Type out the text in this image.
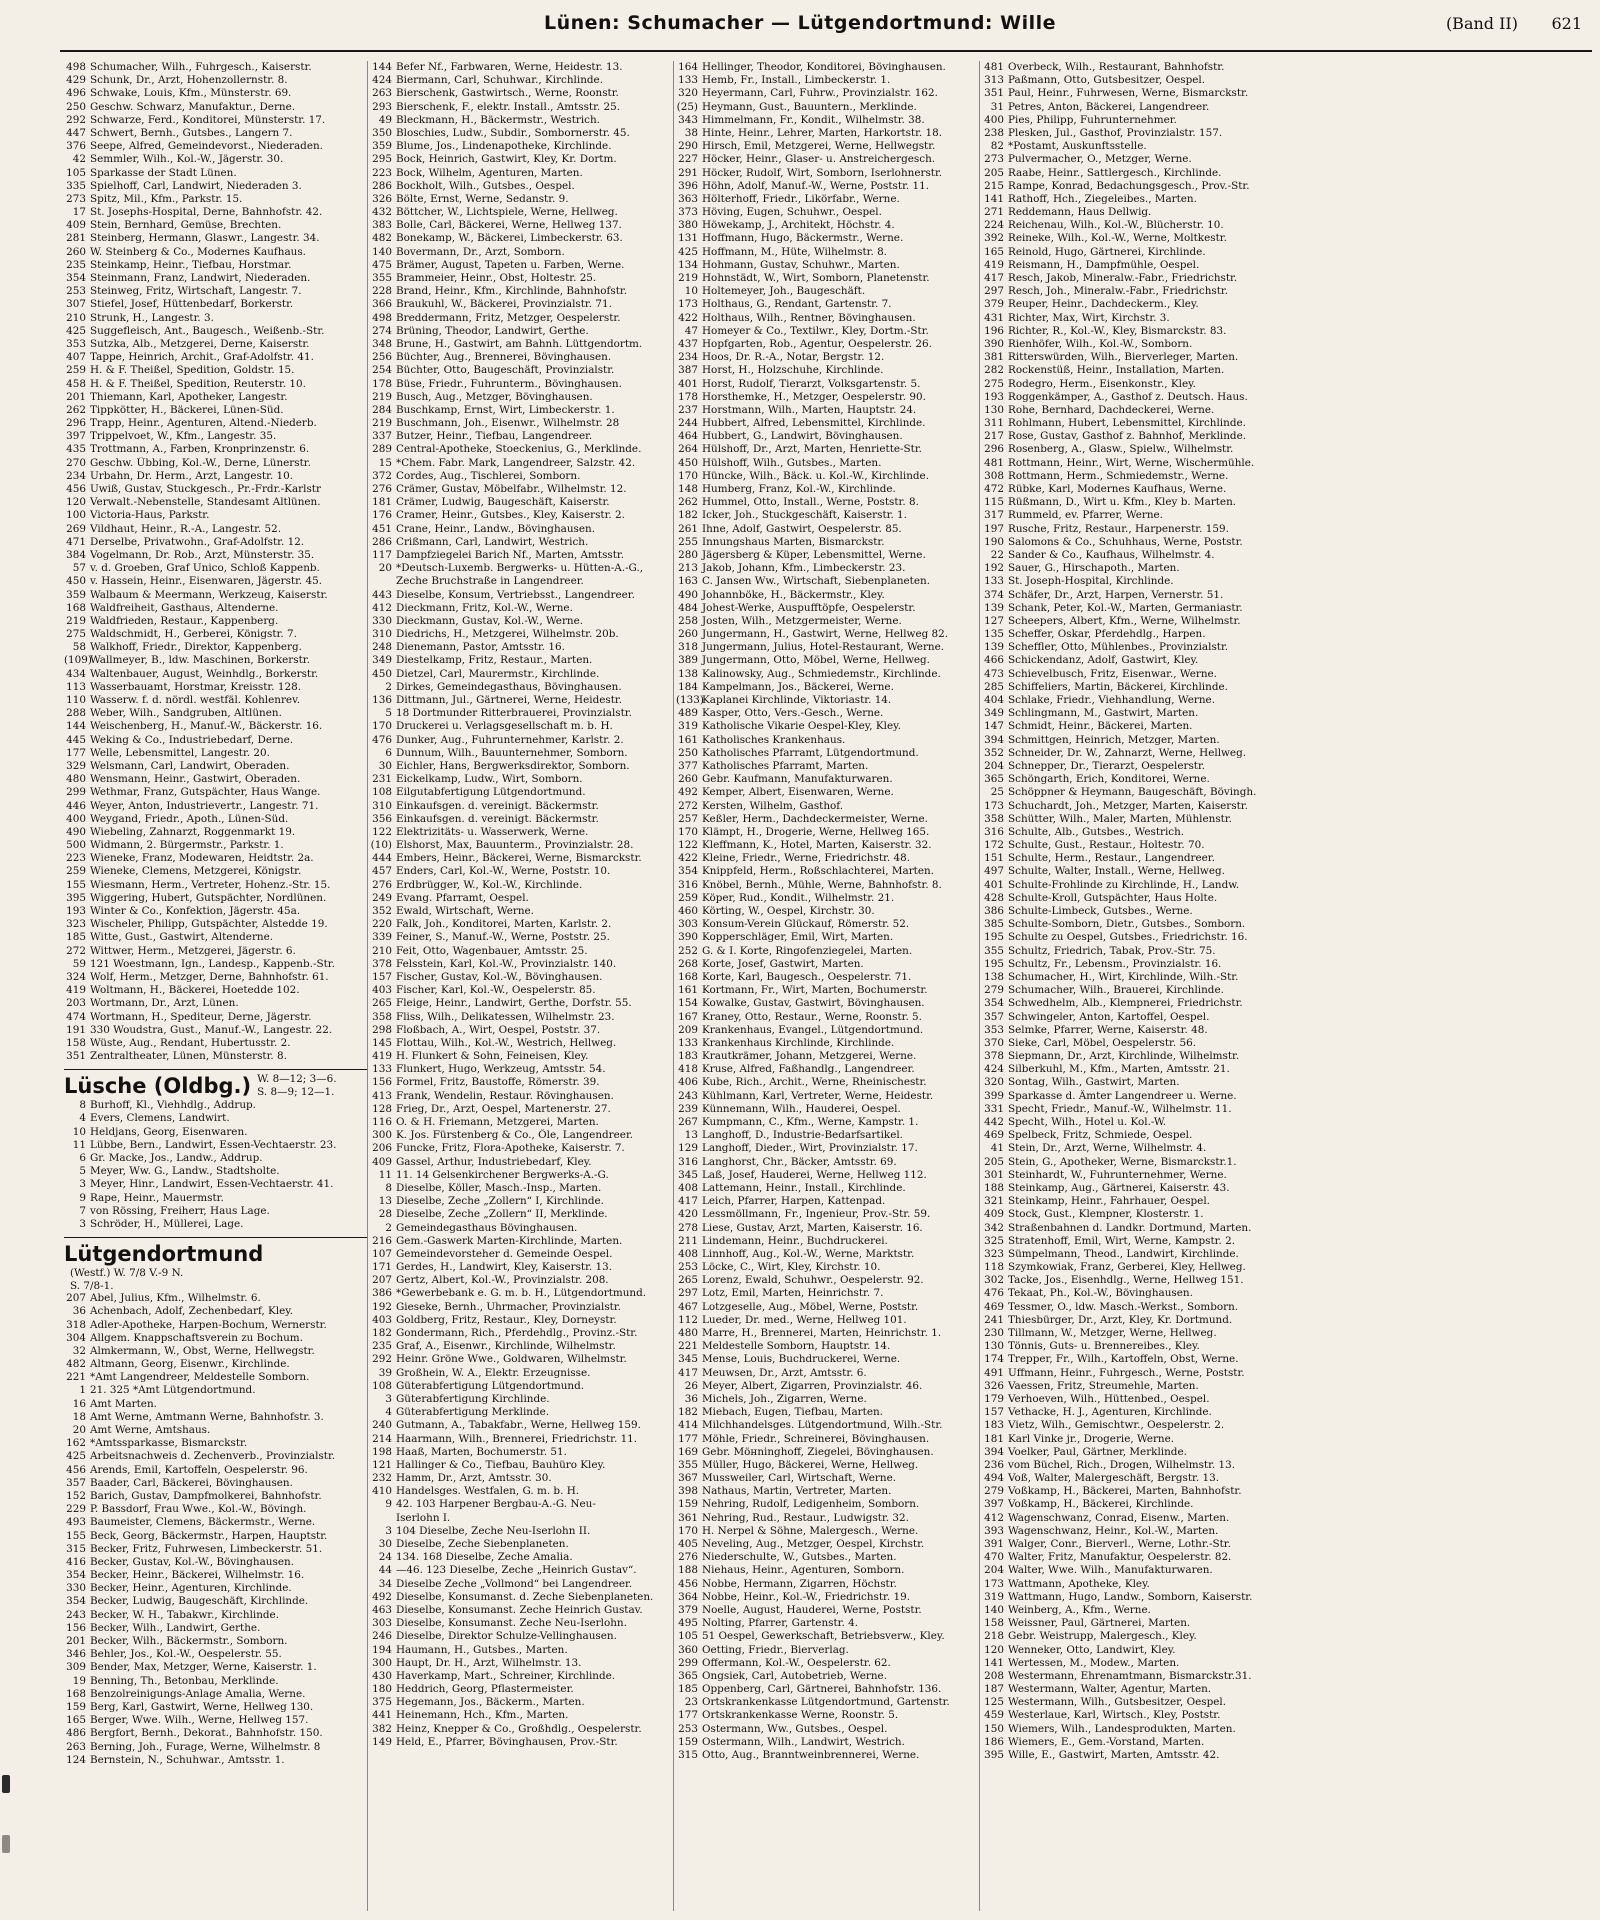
Lünen: Schumacher — Lütgendortmund: Wille	(Band II) 621
498 Schumacher, Wilh., Fuhrgesch., Kaiserstr.
429 Schunk, Dr., Arzt, Hohenzollernstr. 8.
496 Schwake, Louis, Kfm., Münsterstr. 69.
250 Geschw. Schwarz, Manufaktur., Derne.
292 Schwarze, Ferd., Konditorei, Münsterstr. 17.
447 Schwert, Bernh., Gutsbes., Langern 7.
376 Seepe, Alfred, Gemeindevorst., Niederaden.
42 Semmler, Wilh., Kol.-W., Jägerstr. 30.
105 Sparkasse der Stadt Lünen.
335 Spielhoff, Carl, Landwirt, Niederaden 3.
273 Spitz, Mil., Kfm., Parkstr. 15.
17 St. Josephs-Hospital, Derne, Bahnhofstr. 42.
409 Stein, Bernhard, Gemüse, Brechten.
281 Steinberg, Hermann, Glaswr., Langestr. 34.
260 W. Steinberg & Co., Modernes Kaufhaus.
235 Steinkamp, Heinr., Tiefbau, Horstmar.
354 Steinmann, Franz, Landwirt, Niederaden.
253 Steinweg, Fritz, Wirtschaft, Langestr. 7.
307 Stiefel, Josef, Hüttenbedarf, Borkerstr.
210 Strunk, H., Langestr. 3.
425 Suggefleisch, Ant., Baugesch., Weißenb.-Str.
353 Sutzka, Alb., Metzgerei, Derne, Kaiserstr.
407 Tappe, Heinrich, Archit., Graf-Adolfstr. 41.
259 H. & F. Theißel, Spedition, Goldstr. 15.
458 H. & F. Theißel, Spedition, Reuterstr. 10.
201 Thiemann, Karl, Apotheker, Langestr.
262 Tippkötter, H., Bäckerei, Lünen-Süd.
296 Trapp, Heinr., Agenturen, Altend.-Niederb.
397 Trippelvoet, W., Kfm., Langestr. 35.
435 Trottmann, A., Farben, Kronprinzenstr. 6.
270 Geschw. Übbing, Kol.-W., Derne, Lünerstr.
234 Urbahn, Dr. Herm., Arzt, Langestr. 10.
456 Uwiß, Gustav, Stuckgesch., Pr.-Frdr.-Karlstr
120 Verwalt.-Nebenstelle, Standesamt Altlünen.
100 Victoria-Haus, Parkstr.
269 Vildhaut, Heinr., R.-A., Langestr. 52.
471 Derselbe, Privatwohn., Graf-Adolfstr. 12.
384 Vogelmann, Dr. Rob., Arzt, Münsterstr. 35.
57 v. d. Groeben, Graf Unico, Schloß Kappenb.
450 v. Hassein, Heinr., Eisenwaren, Jägerstr. 45.
359 Walbaum & Meermann, Werkzeug, Kaiserstr.
168 Waldfreiheit, Gasthaus, Altenderne.
219 Waldfrieden, Restaur., Kappenberg.
275 Waldschmidt, H., Gerberei, Königstr. 7.
58 Walkhoff, Friedr., Direktor, Kappenberg.
(109)Wallmeyer, B., ldw. Maschinen, Borkerstr.
434 Waltenbauer, August, Weinhdlg., Borkerstr.
113 Wasserbauamt, Horstmar, Kreisstr. 128.
110 Wasserw. f. d. nördl. westfäl. Kohlenrev.
288 Weber, Wilh., Sandgruben, Altlünen.
144 Weischenberg, H., Manuf.-W., Bäckerstr. 16.
445 Weking & Co., Industriebedarf, Derne.
177 Welle, Lebensmittel, Langestr. 20.
329 Welsmann, Carl, Landwirt, Oberaden.
480 Wensmann, Heinr., Gastwirt, Oberaden.
299 Wethmar, Franz, Gutspächter, Haus Wange.
446 Weyer, Anton, Industrievertr., Langestr. 71.
400 Weygand, Friedr., Apoth., Lünen-Süd.
490 Wiebeling, Zahnarzt, Roggenmarkt 19.
500 Widmann, 2. Bürgermstr., Parkstr. 1.
223 Wieneke, Franz, Modewaren, Heidtstr. 2a.
259 Wieneke, Clemens, Metzgerei, Königstr.
155 Wiesmann, Herm., Vertreter, Hohenz.-Str. 15.
395 Wiggering, Hubert, Gutspächter, Nordlünen.
193 Winter & Co., Konfektion, Jägerstr. 45a.
323 Wischeler, Philipp, Gutspächter, Alstedde 19.
185 Witte, Gust., Gastwirt, Altenderne.
272 Wittwer, Herm., Metzgerei, Jägerstr. 6.
59 121 Woestmann, Ign., Landesp., Kappenb.-Str.
324 Wolf, Herm., Metzger, Derne, Bahnhofstr. 61.
419 Woltmann, H., Bäckerei, Hoetedde 102.
203 Wortmann, Dr., Arzt, Lünen.
474 Wortmann, H., Spediteur, Derne, Jägerstr.
191 330 Woudstra, Gust., Manuf.-W., Langestr. 22.
158 Wüste, Aug., Rendant, Hubertusstr. 2.
351 Zentraltheater, Lünen, Münsterstr. 8.
Lüsche (Oldbg.) W. 8—12; 3—6.
S. 8—9; 12—1.
8 Burhoff, Kl., Viehhdlg., Addrup.
4 Evers, Clemens, Landwirt.
10 Heldjans, Georg, Eisenwaren.
11 Lübbe, Bern., Landwirt, Essen-Vechtaerstr. 23.
6 Gr. Macke, Jos., Landw., Addrup.
5 Meyer, Ww. G., Landw., Stadtsholte.
3 Meyer, Hinr., Landwirt, Essen-Vechtaerstr. 41.
9 Rape, Heinr., Mauermstr.
7 von Rössing, Freiherr, Haus Lage.
3 Schröder, H., Müllerei, Lage.
Lütgendortmund
(Westf.) W. 7/8 V.-9 N.
S. 7/8-1.
207 Abel, Julius, Kfm., Wilhelmstr. 6.
36 Achenbach, Adolf, Zechenbedarf, Kley.
318 Adler-Apotheke, Harpen-Bochum, Wernerstr.
304 Allgem. Knappschaftsverein zu Bochum.
32 Almkermann, W., Obst, Werne, Hellwegstr.
482 Altmann, Georg, Eisenwr., Kirchlinde.
221 *Amt Langendreer, Meldestelle Somborn.
1 21. 325 *Amt Lütgendortmund.
16 Amt Marten.
18 Amt Werne, Amtmann Werne, Bahnhofstr. 3.
20 Amt Werne, Amtshaus.
162 *Amtssparkasse, Bismarckstr.
425 Arbeitsnachweis d. Zechenverb., Provinzialstr.
456 Arends, Emil, Kartoffeln, Oespelerstr. 96.
357 Baader, Carl, Bäckerei, Bövinghausen.
152 Barich, Gustav, Dampfmolkerei, Bahnhofstr.
229 P. Bassdorf, Frau Wwe., Kol.-W., Bövingh.
493 Baumeister, Clemens, Bäckermstr., Werne.
155 Beck, Georg, Bäckermstr., Harpen, Hauptstr.
315 Becker, Fritz, Fuhrwesen, Limbeckerstr. 51.
416 Becker, Gustav, Kol.-W., Bövinghausen.
354 Becker, Heinr., Bäckerei, Wilhelmstr. 16.
330 Becker, Heinr., Agenturen, Kirchlinde.
354 Becker, Ludwig, Baugeschäft, Kirchlinde.
243 Becker, W. H., Tabakwr., Kirchlinde.
156 Becker, Wilh., Landwirt, Gerthe.
201 Becker, Wilh., Bäckermstr., Somborn.
346 Behler, Jos., Kol.-W., Oespelerstr. 55.
309 Bender, Max, Metzger, Werne, Kaiserstr. 1.
19 Benning, Th., Betonbau, Merklinde.
168 Benzolreinigungs-Anlage Amalia, Werne.
159 Berg, Karl, Gastwirt, Werne, Hellweg 130.
165 Berger, Wwe. Wilh., Werne, Hellweg 157.
486 Bergfort, Bernh., Dekorat., Bahnhofstr. 150.
263 Berning, Joh., Furage, Werne, Wilhelmstr. 8
124 Bernstein, N., Schuhwar., Amtsstr. 1.
144 Befer Nf., Farbwaren, Werne, Heidestr. 13.
424 Biermann, Carl, Schuhwar., Kirchlinde.
263 Bierschenk, Gastwirtsch., Werne, Roonstr.
293 Bierschenk, F., elektr. Install., Amtsstr. 25.
49 Bleckmann, H., Bäckermstr., Westrich.
350 Bloschies, Ludw., Subdir., Sombornerstr. 45.
359 Blume, Jos., Lindenapotheke, Kirchlinde.
295 Bock, Heinrich, Gastwirt, Kley, Kr. Dortm.
223 Bock, Wilhelm, Agenturen, Marten.
286 Bockholt, Wilh., Gutsbes., Oespel.
326 Bölte, Ernst, Werne, Sedanstr. 9.
432 Böttcher, W., Lichtspiele, Werne, Hellweg.
383 Bolle, Carl, Bäckerei, Werne, Hellweg 137.
482 Bonekamp, W., Bäckerei, Limbeckerstr. 63.
140 Bovermann, Dr., Arzt, Somborn.
475 Brämer, August, Tapeten u. Farben, Werne.
355 Brammeier, Heinr., Obst, Holtestr. 25.
228 Brand, Heinr., Kfm., Kirchlinde, Bahnhofstr.
366 Braukuhl, W., Bäckerei, Provinzialstr. 71.
498 Breddermann, Fritz, Metzger, Oespelerstr.
274 Brüning, Theodor, Landwirt, Gerthe.
348 Brune, H., Gastwirt, am Bahnh. Lüttgendortm.
256 Büchter, Aug., Brennerei, Bövinghausen.
254 Büchter, Otto, Baugeschäft, Provinzialstr.
178 Büse, Friedr., Fuhrunterm., Bövinghausen.
219 Busch, Aug., Metzger, Bövinghausen.
284 Buschkamp, Ernst, Wirt, Limbeckerstr. 1.
219 Buschmann, Joh., Eisenwr., Wilhelmstr. 28
337 Butzer, Heinr., Tiefbau, Langendreer.
289 Central-Apotheke, Stoeckenius, G., Merklinde.
15 *Chem. Fabr. Mark, Langendreer, Salzstr. 42.
372 Cordes, Aug., Tischlerei, Somborn.
276 Crämer, Gustav, Möbelfabr., Wilhelmstr. 12.
181 Crämer, Ludwig, Baugeschäft, Kaiserstr.
176 Cramer, Heinr., Gutsbes., Kley, Kaiserstr. 2.
451 Crane, Heinr., Landw., Bövinghausen.
286 Crißmann, Carl, Landwirt, Westrich.
117 Dampfziegelei Barich Nf., Marten, Amtsstr.
20 *Deutsch-Luxemb. Bergwerks- u. Hütten-A.-G.,
Zeche Bruchstraße in Langendreer.
443 Dieselbe, Konsum, Vertriebsst., Langendreer.
412 Dieckmann, Fritz, Kol.-W., Werne.
330 Dieckmann, Gustav, Kol.-W., Werne.
310 Diedrichs, H., Metzgerei, Wilhelmstr. 20b.
248 Dienemann, Pastor, Amtsstr. 16.
349 Diestelkamp, Fritz, Restaur., Marten.
450 Dietzel, Carl, Maurermstr., Kirchlinde.
2 Dirkes, Gemeindegasthaus, Bövinghausen.
136 Dittmann, Jul., Gärtnerei, Werne, Heidestr.
5 18 Dortmunder Ritterbrauerei, Provinzialstr.
170 Druckerei u. Verlagsgesellschaft m. b. H.
476 Dunker, Aug., Fuhrunternehmer, Karlstr. 2.
6 Dunnum, Wilh., Bauunternehmer, Somborn.
30 Eichler, Hans, Bergwerksdirektor, Somborn.
231 Eickelkamp, Ludw., Wirt, Somborn.
108 Eilgutabfertigung Lütgendortmund.
310 Einkaufsgen. d. vereinigt. Bäckermstr.
356 Einkaufsgen. d. vereinigt. Bäckermstr.
122 Elektrizitäts- u. Wasserwerk, Werne.
(10) Elshorst, Max, Bauunterm., Provinzialstr. 28.
444 Embers, Heinr., Bäckerei, Werne, Bismarckstr.
457 Enders, Carl, Kol.-W., Werne, Poststr. 10.
276 Erdbrügger, W., Kol.-W., Kirchlinde.
249 Evang. Pfarramt, Oespel.
352 Ewald, Wirtschaft, Werne.
220 Falk, Joh., Konditorei, Marten, Karlstr. 2.
339 Feiner, S., Manuf.-W., Werne, Poststr. 25.
210 Feit, Otto, Wagenbauer, Amtsstr. 25.
378 Felsstein, Karl, Kol.-W., Provinzialstr. 140.
157 Fischer, Gustav, Kol.-W., Bövinghausen.
403 Fischer, Karl, Kol.-W., Oespelerstr. 85.
265 Fleige, Heinr., Landwirt, Gerthe, Dorfstr. 55.
358 Fliss, Wilh., Delikatessen, Wilhelmstr. 23.
298 Floßbach, A., Wirt, Oespel, Poststr. 37.
145 Flottau, Wilh., Kol.-W., Westrich, Hellweg.
419 H. Flunkert & Sohn, Feineisen, Kley.
133 Flunkert, Hugo, Werkzeug, Amtsstr. 54.
156 Formel, Fritz, Baustoffe, Römerstr. 39.
413 Frank, Wendelin, Restaur. Rövinghausen.
128 Frieg, Dr., Arzt, Oespel, Martenerstr. 27.
116 O. & H. Friemann, Metzgerei, Marten.
300 K. Jos. Fürstenberg & Co., Öle, Langendreer.
206 Funcke, Fritz, Flora-Apotheke, Kaiserstr. 7.
409 Gassel, Arthur, Industriebedarf, Kley.
11 11. 14 Gelsenkirchener Bergwerks-A.-G.
8 Dieselbe, Köller, Masch.-Insp., Marten.
13 Dieselbe, Zeche „Zollern“ I, Kirchlinde.
28 Dieselbe, Zeche „Zollern“ II, Merklinde.
2 Gemeindegasthaus Bövinghausen.
216 Gem.-Gaswerk Marten-Kirchlinde, Marten.
107 Gemeindevorsteher d. Gemeinde Oespel.
171 Gerdes, H., Landwirt, Kley, Kaiserstr. 13.
207 Gertz, Albert, Kol.-W., Provinzialstr. 208.
386 *Gewerbebank e. G. m. b. H., Lütgendortmund.
192 Gieseke, Bernh., Uhrmacher, Provinzialstr.
403 Goldberg, Fritz, Restaur., Kley, Dorneystr.
182 Gondermann, Rich., Pferdehdlg., Provinz.-Str.
235 Graf, A., Eisenwr., Kirchlinde, Wilhelmstr.
292 Heinr. Gröne Wwe., Goldwaren, Wilhelmstr.
39 Großhein, W. A., Elektr. Erzeugnisse.
108 Güterabfertigung Lütgendortmund.
3 Güterabfertigung Kirchlinde.
4 Güterabfertigung Merklinde.
240 Gutmann, A., Tabakfabr., Werne, Hellweg 159.
214 Haarmann, Wilh., Brennerei, Friedrichstr. 11.
198 Haaß, Marten, Bochumerstr. 51.
121 Hallinger & Co., Tiefbau, Bauhüro Kley.
232 Hamm, Dr., Arzt, Amtsstr. 30.
410 Handelsges. Westfalen, G. m. b. H.
9 42. 103 Harpener Bergbau-A.-G. Neu-
Iserlohn I.
3 104 Dieselbe, Zeche Neu-Iserlohn II.
30 Dieselbe, Zeche Siebenplaneten.
24 134. 168 Dieselbe, Zeche Amalia.
44 —46. 123 Dieselbe, Zeche „Heinrich Gustav“.
34 Dieselbe Zeche „Vollmond“ bei Langendreer.
492 Dieselbe, Konsumanst. d. Zeche Siebenplaneten.
463 Dieselbe, Konsumanst. Zeche Heinrich Gustav.
303 Dieselbe, Konsumanst. Zeche Neu-Iserlohn.
246 Dieselbe, Direktor Schulze-Vellinghausen.
194 Haumann, H., Gutsbes., Marten.
300 Haupt, Dr. H., Arzt, Wilhelmstr. 13.
430 Haverkamp, Mart., Schreiner, Kirchlinde.
180 Heddrich, Georg, Pflastermeister.
375 Hegemann, Jos., Bäckerm., Marten.
441 Heinemann, Hch., Kfm., Marten.
382 Heinz, Knepper & Co., Großhdlg., Oespelerstr.
149 Held, E., Pfarrer, Bövinghausen, Prov.-Str.
164 Hellinger, Theodor, Konditorei, Bövinghausen.
133 Hemb, Fr., Install., Limbeckerstr. 1.
320 Heyermann, Carl, Fuhrw., Provinzialstr. 162.
(25) Heymann, Gust., Bauuntern., Merklinde.
343 Himmelmann, Fr., Kondit., Wilhelmstr. 38.
38 Hinte, Heinr., Lehrer, Marten, Harkortstr. 18.
290 Hirsch, Emil, Metzgerei, Werne, Hellwegstr.
227 Höcker, Heinr., Glaser- u. Anstreichergesch.
291 Höcker, Rudolf, Wirt, Somborn, Iserlohnerstr.
396 Höhn, Adolf, Manuf.-W., Werne, Poststr. 11.
363 Hölterhoff, Friedr., Likörfabr., Werne.
373 Höving, Eugen, Schuhwr., Oespel.
380 Höwekamp, J., Architekt, Höchstr. 4.
131 Hoffmann, Hugo, Bäckermstr., Werne.
425 Hoffmann, M., Hüte, Wilhelmstr. 8.
134 Hohmann, Gustav, Schuhwr., Marten.
219 Hohnstädt, W., Wirt, Somborn, Planetenstr.
10 Holtemeyer, Joh., Baugeschäft.
173 Holthaus, G., Rendant, Gartenstr. 7.
422 Holthaus, Wilh., Rentner, Bövinghausen.
47 Homeyer & Co., Textilwr., Kley, Dortm.-Str.
437 Hopfgarten, Rob., Agentur, Oespelerstr. 26.
234 Hoos, Dr. R.-A., Notar, Bergstr. 12.
387 Horst, H., Holzschuhe, Kirchlinde.
401 Horst, Rudolf, Tierarzt, Volksgartenstr. 5.
178 Horsthemke, H., Metzger, Oespelerstr. 90.
237 Horstmann, Wilh., Marten, Hauptstr. 24.
244 Hubbert, Alfred, Lebensmittel, Kirchlinde.
464 Hubbert, G., Landwirt, Bövinghausen.
264 Hülshoff, Dr., Arzt, Marten, Henriette-Str.
450 Hülshoff, Wilh., Gutsbes., Marten.
170 Hüncke, Wilh., Bäck. u. Kol.-W., Kirchlinde.
148 Humberg, Franz, Kol.-W., Kirchlinde.
262 Hummel, Otto, Install., Werne, Poststr. 8.
182 Icker, Joh., Stuckgeschäft, Kaiserstr. 1.
261 Ihne, Adolf, Gastwirt, Oespelerstr. 85.
255 Innungshaus Marten, Bismarckstr.
280 Jägersberg & Küper, Lebensmittel, Werne.
213 Jakob, Johann, Kfm., Limbeckerstr. 23.
163 C. Jansen Ww., Wirtschaft, Siebenplaneten.
490 Johannböke, H., Bäckermstr., Kley.
484 Johest-Werke, Auspufftöpfe, Oespelerstr.
258 Josten, Wilh., Metzgermeister, Werne.
260 Jungermann, H., Gastwirt, Werne, Hellweg 82.
318 Jungermann, Julius, Hotel-Restaurant, Werne.
389 Jungermann, Otto, Möbel, Werne, Hellweg.
138 Kalinowsky, Aug., Schmiedemstr., Kirchlinde.
184 Kampelmann, Jos., Bäckerei, Werne.
(133)Kaplanei Kirchlinde, Viktoriastr. 14.
489 Kasper, Otto, Vers.-Gesch., Werne.
319 Katholische Vikarie Oespel-Kley, Kley.
161 Katholisches Krankenhaus.
250 Katholisches Pfarramt, Lütgendortmund.
377 Katholisches Pfarramt, Marten.
260 Gebr. Kaufmann, Manufakturwaren.
492 Kemper, Albert, Eisenwaren, Werne.
272 Kersten, Wilhelm, Gasthof.
257 Keßler, Herm., Dachdeckermeister, Werne.
170 Klämpt, H., Drogerie, Werne, Hellweg 165.
122 Kleffmann, K., Hotel, Marten, Kaiserstr. 32.
422 Kleine, Friedr., Werne, Friedrichstr. 48.
354 Knippfeld, Herm., Roßschlachterei, Marten.
316 Knöbel, Bernh., Mühle, Werne, Bahnhofstr. 8.
259 Köper, Rud., Kondit., Wilhelmstr. 21.
460 Körting, W., Oespel, Kirchstr. 30.
303 Konsum-Verein Glückauf, Römerstr. 52.
390 Kopperschläger, Emil, Wirt, Marten.
252 G. & I. Korte, Ringofenziegelei, Marten.
268 Korte, Josef, Gastwirt, Marten.
168 Korte, Karl, Baugesch., Oespelerstr. 71.
161 Kortmann, Fr., Wirt, Marten, Bochumerstr.
154 Kowalke, Gustav, Gastwirt, Bövinghausen.
167 Kraney, Otto, Restaur., Werne, Roonstr. 5.
209 Krankenhaus, Evangel., Lütgendortmund.
133 Krankenhaus Kirchlinde, Kirchlinde.
183 Krautkrämer, Johann, Metzgerei, Werne.
418 Kruse, Alfred, Faßhandlg., Langendreer.
406 Kube, Rich., Archit., Werne, Rheinischestr.
243 Kühlmann, Karl, Vertreter, Werne, Heidestr.
239 Künnemann, Wilh., Hauderei, Oespel.
267 Kumpmann, C., Kfm., Werne, Kampstr. 1.
13 Langhoff, D., Industrie-Bedarfsartikel.
129 Langhoff, Dieder., Wirt, Provinzialstr. 17.
316 Langhorst, Chr., Bäcker, Amtsstr. 69.
345 Laß, Josef, Hauderei, Werne, Hellweg 112.
408 Lattemann, Heinr., Install., Kirchlinde.
417 Leich, Pfarrer, Harpen, Kattenpad.
420 Lessmöllmann, Fr., Ingenieur, Prov.-Str. 59.
278 Liese, Gustav, Arzt, Marten, Kaiserstr. 16.
211 Lindemann, Heinr., Buchdruckerei.
408 Linnhoff, Aug., Kol.-W., Werne, Marktstr.
253 Löcke, C., Wirt, Kley, Kirchstr. 10.
265 Lorenz, Ewald, Schuhwr., Oespelerstr. 92.
297 Lotz, Emil, Marten, Heinrichstr. 7.
467 Lotzgeselle, Aug., Möbel, Werne, Poststr.
112 Lueder, Dr. med., Werne, Hellweg 101.
480 Marre, H., Brennerei, Marten, Heinrichstr. 1.
221 Meldestelle Somborn, Hauptstr. 14.
345 Mense, Louis, Buchdruckerei, Werne.
417 Meuwsen, Dr., Arzt, Amtsstr. 6.
26 Meyer, Albert, Zigarren, Provinzialstr. 46.
36 Michels, Joh., Zigarren, Werne.
182 Miebach, Eugen, Tiefbau, Marten.
414 Milchhandelsges. Lütgendortmund, Wilh.-Str.
177 Möhle, Friedr., Schreinerei, Bövinghausen.
169 Gebr. Möнninghoff, Ziegelei, Bövinghausen.
355 Müller, Hugo, Bäckerei, Werne, Hellweg.
367 Mussweiler, Carl, Wirtschaft, Werne.
398 Nathaus, Martin, Vertreter, Marten.
159 Nehring, Rudolf, Ledigenheim, Somborn.
361 Nehring, Rud., Restaur., Ludwigstr. 32.
170 H. Nerpel & Söhne, Malergesch., Werne.
405 Neveling, Aug., Metzger, Oespel, Kirchstr.
276 Niederschulte, W., Gutsbes., Marten.
188 Niehaus, Heinr., Agenturen, Somborn.
456 Nobbe, Hermann, Zigarren, Höchstr.
364 Nobbe, Heinr., Kol.-W., Friedrichstr. 19.
379 Noelle, August, Hauderei, Werne, Poststr.
495 Nolting, Pfarrer, Gartenstr. 4.
105 51 Oespel, Gewerkschaft, Betriebsverw., Kley.
360 Oetting, Friedr., Bierverlag.
299 Offermann, Kol.-W., Oespelerstr. 62.
365 Ongsiek, Carl, Autobetrieb, Werne.
185 Oppenberg, Carl, Gärtnerei, Bahnhofstr. 136.
23 Ortskrankenkasse Lütgendortmund, Gartenstr.
177 Ortskrankenkasse Werne, Roonstr. 5.
253 Ostermann, Ww., Gutsbes., Oespel.
159 Ostermann, Wilh., Landwirt, Westrich.
315 Otto, Aug., Branntweinbrennerei, Werne.
481 Overbeck, Wilh., Restaurant, Bahnhofstr.
313 Paßmann, Otto, Gutsbesitzer, Oespel.
351 Paul, Heinr., Fuhrwesen, Werne, Bismarckstr.
31 Petres, Anton, Bäckerei, Langendreer.
400 Pies, Philipp, Fuhrunternehmer.
238 Plesken, Jul., Gasthof, Provinzialstr. 157.
82 *Postamt, Auskunftsstelle.
273 Pulvermacher, O., Metzger, Werne.
205 Raabe, Heinr., Sattlergesch., Kirchlinde.
215 Rampe, Konrad, Bedachungsgesch., Prov.-Str.
141 Rathoff, Hch., Ziegeleibes., Marten.
271 Reddemann, Haus Dellwig.
224 Reichenau, Wilh., Kol.-W., Blücherstr. 10.
392 Reineke, Wilh., Kol.-W., Werne, Moltkestr.
165 Reinold, Hugo, Gärtnerei, Kirchlinde.
419 Reismann, H., Dampfmühle, Oespel.
417 Resch, Jakob, Mineralw.-Fabr., Friedrichstr.
297 Resch, Joh., Mineralw.-Fabr., Friedrichstr.
379 Reuper, Heinr., Dachdeckerm., Kley.
431 Richter, Max, Wirt, Kirchstr. 3.
196 Richter, R., Kol.-W., Kley, Bismarckstr. 83.
390 Rienhöfer, Wilh., Kol.-W., Somborn.
381 Ritterswürden, Wilh., Bierverleger, Marten.
282 Rockenstüß, Heinr., Installation, Marten.
275 Rodegro, Herm., Eisenkonstr., Kley.
193 Roggenkämper, A., Gasthof z. Deutsch. Haus.
130 Rohe, Bernhard, Dachdeckerei, Werne.
311 Rohlmann, Hubert, Lebensmittel, Kirchlinde.
217 Rose, Gustav, Gasthof z. Bahnhof, Merklinde.
296 Rosenberg, A., Glasw., Spielw., Wilhelmstr.
481 Rottmann, Heinr., Wirt, Werne, Wischermühle.
308 Rottmann, Herm., Schmiedemstr., Werne.
472 Rübke, Karl, Modernes Kaufhaus, Werne.
115 Rüßmann, D., Wirt u. Kfm., Kley b. Marten.
317 Rummeld, ev. Pfarrer, Werne.
197 Rusche, Fritz, Restaur., Harpenerstr. 159.
190 Salomons & Co., Schuhhaus, Werne, Poststr.
22 Sander & Co., Kaufhaus, Wilhelmstr. 4.
192 Sauer, G., Hirschapoth., Marten.
133 St. Joseph-Hospital, Kirchlinde.
374 Schäfer, Dr., Arzt, Harpen, Vernerstr. 51.
139 Schank, Peter, Kol.-W., Marten, Germaniastr.
127 Scheepers, Albert, Kfm., Werne, Wilhelmstr.
135 Scheffer, Oskar, Pferdehdlg., Harpen.
139 Scheffler, Otto, Mühlenbes., Provinzialstr.
466 Schickendanz, Adolf, Gastwirt, Kley.
473 Schievelbusch, Fritz, Eisenwar., Werne.
285 Schiffeliers, Martin, Bäckerei, Kirchlinde.
404 Schlake, Friedr., Viehhandlung, Werne.
349 Schlingmann, M., Gastwirt, Marten.
147 Schmidt, Heinr., Bäckerei, Marten.
394 Schmittgen, Heinrich, Metzger, Marten.
352 Schneider, Dr. W., Zahnarzt, Werne, Hellweg.
204 Schnepper, Dr., Tierarzt, Oespelerstr.
365 Schöngarth, Erich, Konditorei, Werne.
25 Schöppner & Heymann, Baugeschäft, Bövingh.
173 Schuchardt, Joh., Metzger, Marten, Kaiserstr.
358 Schütter, Wilh., Maler, Marten, Mühlenstr.
316 Schulte, Alb., Gutsbes., Westrich.
172 Schulte, Gust., Restaur., Holtestr. 70.
151 Schulte, Herm., Restaur., Langendreer.
497 Schulte, Walter, Install., Werne, Hellweg.
401 Schulte-Frohlinde zu Kirchlinde, H., Landw.
428 Schulte-Kroll, Gutspächter, Haus Holte.
386 Schulte-Limbeck, Gutsbes., Werne.
385 Schulte-Somborn, Dietr., Gutsbes., Somborn.
195 Schulte zu Oespel, Gutsbes., Friedrichstr. 16.
355 Schultz, Friedrich, Tabak, Prov.-Str. 75.
195 Schultz, Fr., Lebensm., Provinzialstr. 16.
138 Schumacher, H., Wirt, Kirchlinde, Wilh.-Str.
279 Schumacher, Wilh., Brauerei, Kirchlinde.
354 Schwedhelm, Alb., Klempnerei, Friedrichstr.
357 Schwingeler, Anton, Kartoffel, Oespel.
353 Selmke, Pfarrer, Werne, Kaiserstr. 48.
370 Sieke, Carl, Möbel, Oespelerstr. 56.
378 Siepmann, Dr., Arzt, Kirchlinde, Wilhelmstr.
424 Silberkuhl, M., Kfm., Marten, Amtsstr. 21.
320 Sontag, Wilh., Gastwirt, Marten.
399 Sparkasse d. Ämter Langendreer u. Werne.
331 Specht, Friedr., Manuf.-W., Wilhelmstr. 11.
442 Specht, Wilh., Hotel u. Kol.-W.
469 Spelbeck, Fritz, Schmiede, Oespel.
41 Stein, Dr., Arzt, Werne, Wilhelmstr. 4.
205 Stein, G., Apotheker, Werne, Bismarckstr.1.
301 Steinhardt, W., Fuhrunternehmer, Werne.
188 Steinkamp, Aug., Gärtnerei, Kaiserstr. 43.
321 Steinkamp, Heinr., Fahrhauer, Oespel.
409 Stock, Gust., Klempner, Klosterstr. 1.
342 Straßenbahnen d. Landkr. Dortmund, Marten.
325 Stratenhoff, Emil, Wirt, Werne, Kampstr. 2.
323 Sümpelmann, Theod., Landwirt, Kirchlinde.
118 Szymkowiak, Franz, Gerberei, Kley, Hellweg.
302 Tacke, Jos., Eisenhdlg., Werne, Hellweg 151.
476 Tekaat, Ph., Kol.-W., Bövinghausen.
469 Tessmer, O., ldw. Masch.-Werkst., Somborn.
241 Thiesbürger, Dr., Arzt, Kley, Kr. Dortmund.
230 Tillmann, W., Metzger, Werne, Hellweg.
130 Tönnis, Guts- u. Brennereibes., Kley.
174 Trepper, Fr., Wilh., Kartoffeln, Obst, Werne.
491 Uffmann, Heinr., Fuhrgesch., Werne, Poststr.
326 Vaessen, Fritz, Streumehle, Marten.
179 Verhoeven, Wilh., Hüttenbed., Oespel.
157 Vethacke, H. J., Agenturen, Kirchlinde.
183 Vietz, Wilh., Gemischtwr., Oespelerstr. 2.
181 Karl Vinke jr., Drogerie, Werne.
394 Voelker, Paul, Gärtner, Merklinde.
236 vom Büchel, Rich., Drogen, Wilhelmstr. 13.
494 Voß, Walter, Malergeschäft, Bergstr. 13.
279 Voßkamp, H., Bäckerei, Marten, Bahnhofstr.
397 Voßkamp, H., Bäckerei, Kirchlinde.
412 Wagenschwanz, Conrad, Eisenw., Marten.
393 Wagenschwanz, Heinr., Kol.-W., Marten.
391 Walger, Conr., Bierverl., Werne, Lothr.-Str.
470 Walter, Fritz, Manufaktur, Oespelerstr. 82.
204 Walter, Wwe. Wilh., Manufakturwaren.
173 Wattmann, Apotheke, Kley.
319 Wattmann, Hugo, Landw., Somborn, Kaiserstr.
140 Weinberg, A., Kfm., Werne.
158 Weissner, Paul, Gärtnerei, Marten.
218 Gebr. Weistrupp, Malergesch., Kley.
120 Wenneker, Otto, Landwirt, Kley.
141 Wertessen, M., Modew., Marten.
208 Westermann, Ehrenamtmann, Bismarckstr.31.
187 Westermann, Walter, Agentur, Marten.
125 Westermann, Wilh., Gutsbesitzer, Oespel.
459 Westerlaue, Karl, Wirtsch., Kley, Poststr.
150 Wiemers, Wilh., Landesprodukten, Marten.
186 Wiemers, E., Gem.-Vorstand, Marten.
395 Wille, E., Gastwirt, Marten, Amtsstr. 42.
